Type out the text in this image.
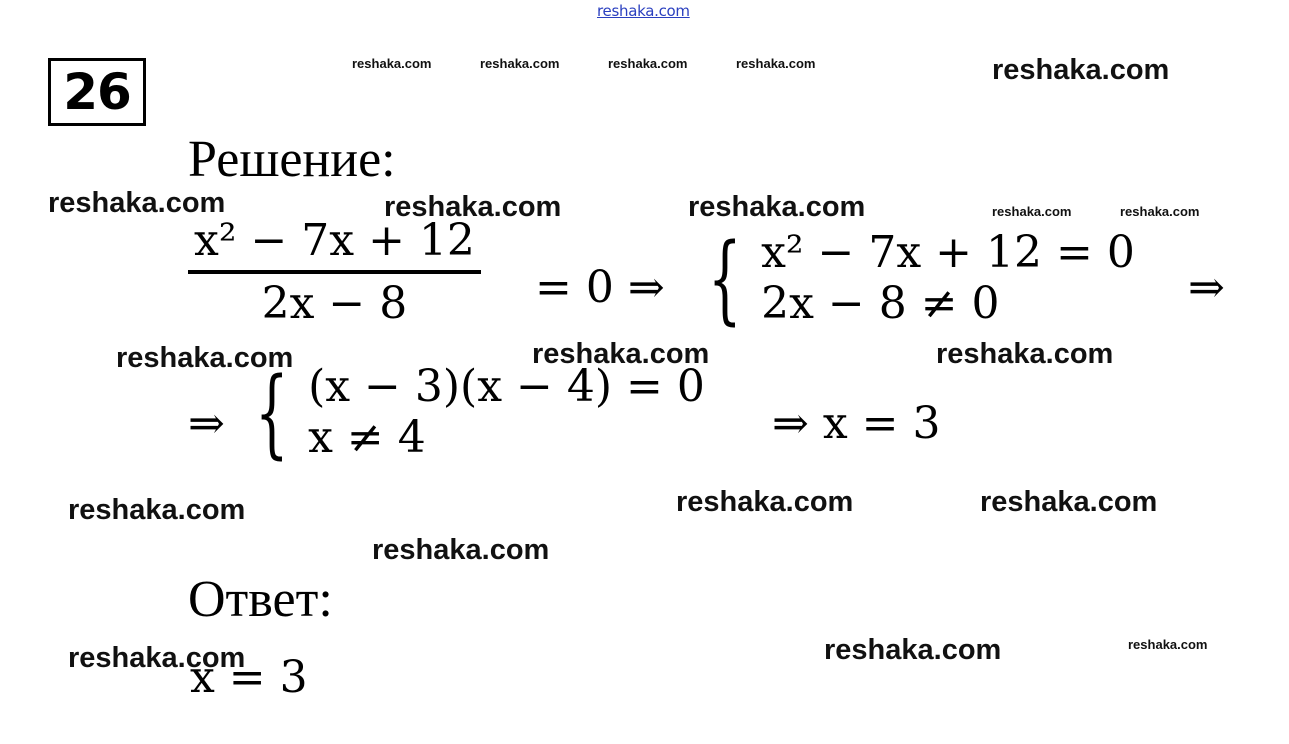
reshaka.com
26
Решение:
$\frac{\text{x² − 7x + 12}}{2x - 8} = 0$ ⇒ { x² − 7x + 12 = 0
2x − 8 ≠ 0	⇒
⇒ { (x − 3)(x − 4) = 0
x ≠ 4	⇒ x = 3
Ответ:
x = 3
reshaka.com	reshaka.com	reshaka.com	reshaka.com	reshaka.com
reshaka.com	reshaka.com	reshaka.com	reshaka.com	reshaka.com
reshaka.com	reshaka.com	reshaka.com
reshaka.com	reshaka.com	reshaka.com
reshaka.com
reshaka.com	reshaka.com	reshaka.com
